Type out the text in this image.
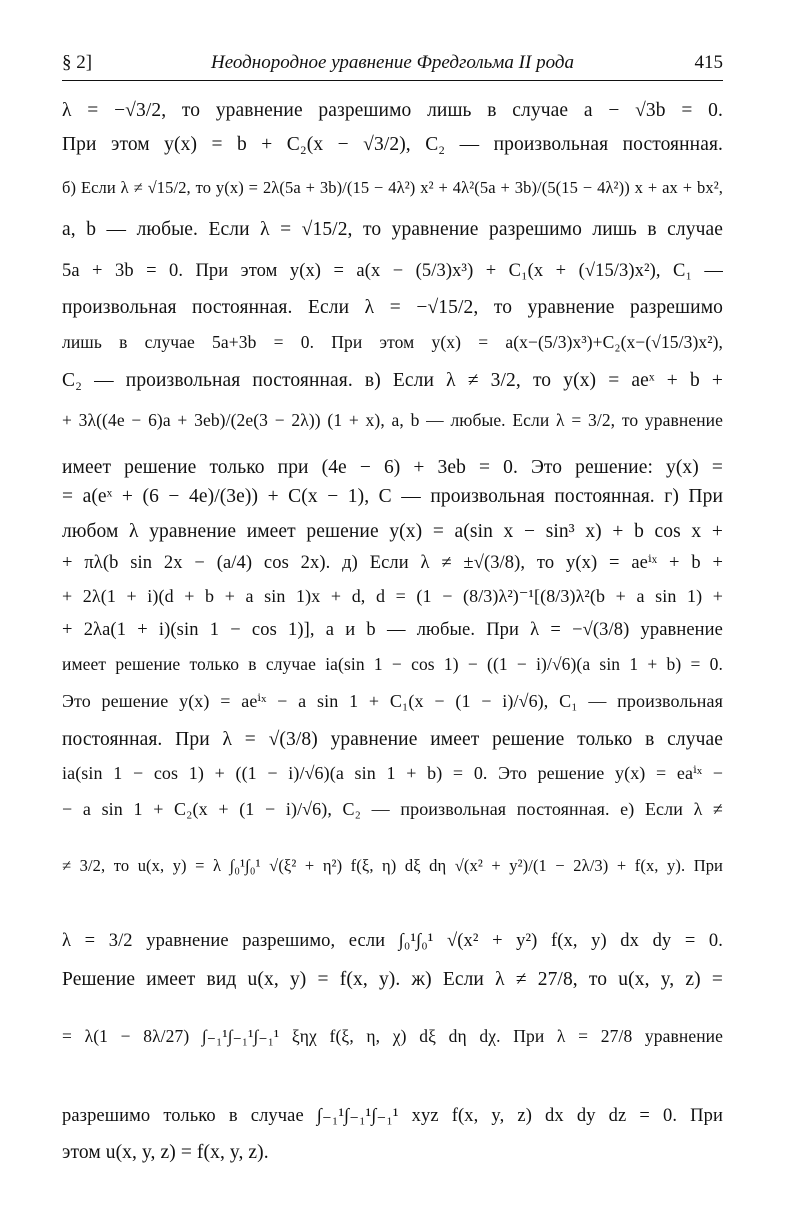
§ 2]	Неоднородное уравнение Фредгольма II рода	415
λ = −√3/2, то уравнение разрешимо лишь в случае a − √3b = 0.
При этом y(x) = b + C₂(x − √3/2), C₂ — произвольная постоянная.
б) Если λ ≠ √15/2, то y(x) = 2λ(5a + 3b)/(15 − 4λ²) x² + 4λ²(5a + 3b)/(5(15 − 4λ²)) x + ax + bx²,
a, b — любые. Если λ = √15/2, то уравнение разрешимо лишь в случае
5a + 3b = 0. При этом y(x) = a(x − (5/3)x³) + C₁(x + (√15/3)x²), C₁ —
произвольная постоянная. Если λ = −√15/2, то уравнение разрешимо
лишь в случае 5a+3b = 0. При этом y(x) = a(x−(5/3)x³)+C₂(x−(√15/3)x²),
C₂ — произвольная постоянная. в) Если λ ≠ 3/2, то y(x) = aeˣ + b +
+ 3λ((4e − 6)a + 3eb)/(2e(3 − 2λ)) (1 + x), a, b — любые. Если λ = 3/2, то уравнение
имеет решение только при (4e − 6) + 3eb = 0. Это решение: y(x) =
= a(eˣ + (6 − 4e)/(3e)) + C(x − 1), C — произвольная постоянная. г) При
любом λ уравнение имеет решение y(x) = a(sin x − sin³ x) + b cos x +
+ πλ(b sin 2x − (a/4) cos 2x). д) Если λ ≠ ±√(3/8), то y(x) = aeⁱˣ + b +
+ 2λ(1 + i)(d + b + a sin 1)x + d, d = (1 − (8/3)λ²)⁻¹[(8/3)λ²(b + a sin 1) +
+ 2λa(1 + i)(sin 1 − cos 1)], a и b — любые. При λ = −√(3/8) уравнение
имеет решение только в случае ia(sin 1 − cos 1) − ((1 − i)/√6)(a sin 1 + b) = 0.
Это решение y(x) = aeⁱˣ − a sin 1 + C₁(x − (1 − i)/√6), C₁ — произвольная
постоянная. При λ = √(3/8) уравнение имеет решение только в случае
ia(sin 1 − cos 1) + ((1 − i)/√6)(a sin 1 + b) = 0. Это решение y(x) = eaⁱˣ −
− a sin 1 + C₂(x + (1 − i)/√6), C₂ — произвольная постоянная. е) Если λ ≠
≠ 3/2, то u(x, y) = λ ∫₀¹∫₀¹ √(ξ² + η²) f(ξ, η) dξ dη √(x² + y²)/(1 − 2λ/3) + f(x, y). При
λ = 3/2 уравнение разрешимо, если ∫₀¹∫₀¹ √(x² + y²) f(x, y) dx dy = 0.
Решение имеет вид u(x, y) = f(x, y). ж) Если λ ≠ 27/8, то u(x, y, z) =
= λ(1 − 8λ/27) ∫₋₁¹∫₋₁¹∫₋₁¹ ξηχ f(ξ, η, χ) dξ dη dχ. При λ = 27/8 уравнение
разрешимо только в случае ∫₋₁¹∫₋₁¹∫₋₁¹ xyz f(x, y, z) dx dy dz = 0. При
этом u(x, y, z) = f(x, y, z).
